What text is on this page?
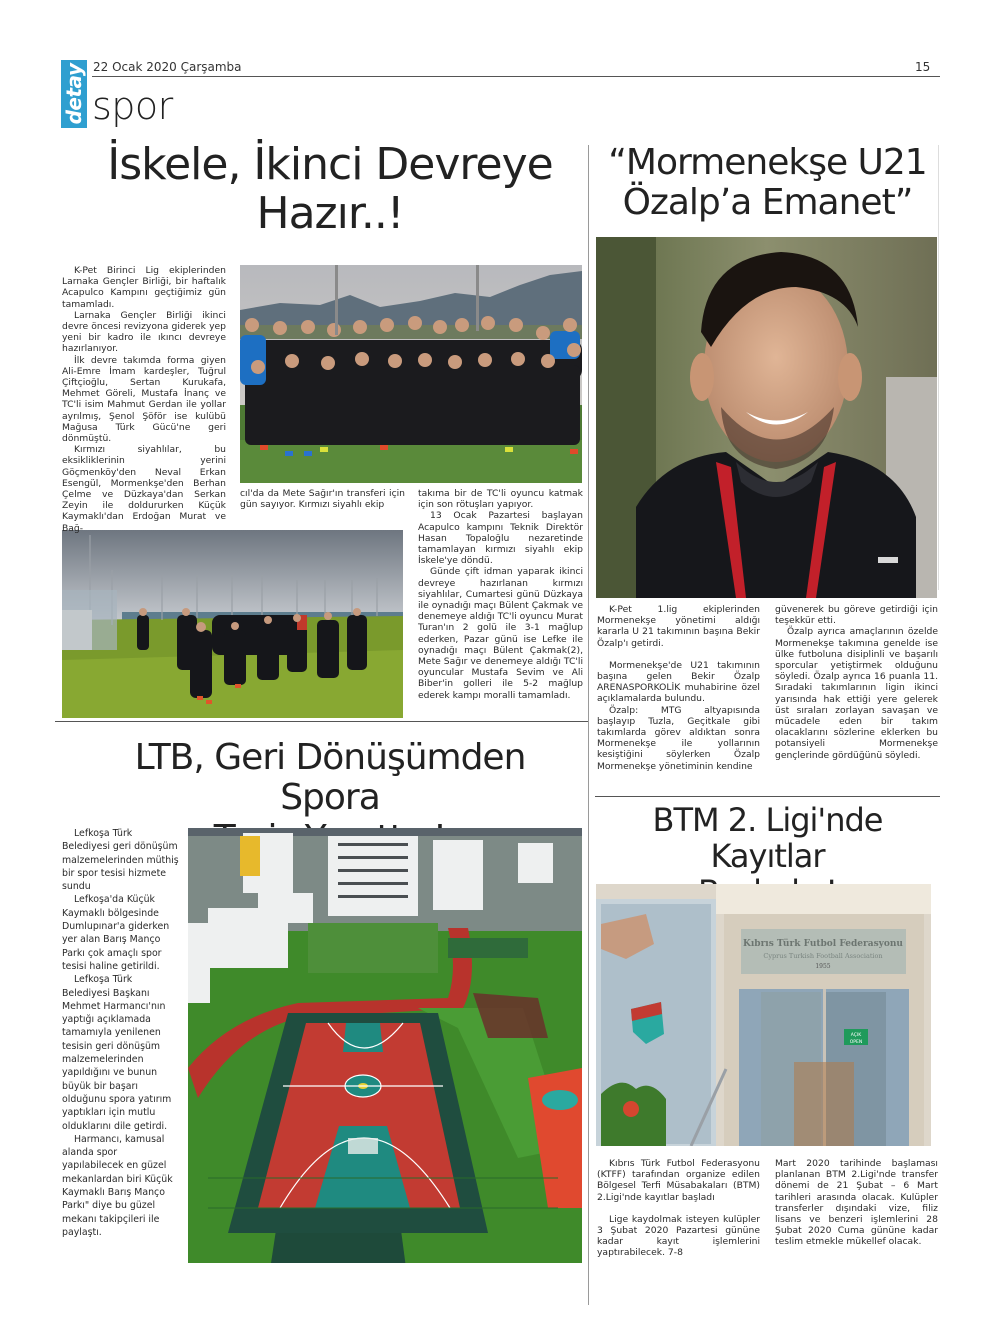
detay 22 Ocak 2020 Çarşamba	15
spor
İskele, İkinci Devreye
Hazır..!

K-Pet Birinci Lig ekiplerinden Larnaka Gençler Birliği, bir haftalık Acapulco Kampını geçtiğimiz gün tamamladı.

Larnaka Gençler Birliği ikinci devre öncesi revizyona giderek yep yeni bir kadro ile ıkıncı devreye hazırlanıyor.

İlk devre takımda forma giyen Ali-Emre İmam kardeşler, Tuğrul Çiftçioğlu, Sertan Kurukafa, Mehmet Göreli, Mustafa İnanç ve TC'li isim Mahmut Gerdan ile yollar ayrılmış, Şenol Şöför ise kulübü Mağusa Türk Gücü'ne geri dönmüştü.

Kırmızı siyahlılar, bu eksikliklerinin yerini Göçmenköy'den Neval Erkan Esengül, Mormenkşe'den Berhan Çelme ve Düzkaya'dan Serkan Zeyin ile doldururken Küçük Kaymaklı'dan Erdoğan Murat ve Bağ-

cıl'da da Mete Sağır'ın transferi için gün sayıyor. Kırmızı siyahlı ekip

takıma bir de TC'li oyuncu katmak için son rötuşları yapıyor.

13 Ocak Pazartesi başlayan Acapulco kampını Teknik Direktör Hasan Topaloğlu nezaretinde tamamlayan kırmızı siyahlı ekip İskele'ye döndü.

Günde çift idman yaparak ikinci devreye hazırlanan kırmızı siyahlılar, Cumartesi günü Düzkaya ile oynadığı maçı Bülent Çakmak ve denemeye aldığı TC'li oyuncu Murat Turan'ın 2 golü ile 3-1 mağlup ederken, Pazar günü ise Lefke ile oynadığı maçı Bülent Çakmak(2), Mete Sağır ve denemeye aldığı TC'li oyuncular Mustafa Sevim ve Ali Biber'in golleri ile 5-2 mağlup ederek kampı moralli tamamladı.

“Mormenekşe U21
Özalp’a Emanet”

K-Pet 1.lig ekiplerinden Mormenekşe yönetimi aldığı kararla U 21 takımının başına Bekir Özalp'ı getirdi.

Mormenekşe'de U21 takımının başına gelen Bekir Özalp ARENASPORKOLİK muhabirine özel açıklamalarda bulundu.

Özalp: MTG altyapısında başlayıp Tuzla, Geçitkale gibi takımlarda görev aldıktan sonra Mormenekşe ile yollarının kesiştiğini söylerken Özalp Mormenekşe yönetiminin kendine

güvenerek bu göreve getirdiği için teşekkür etti.

Özalp ayrıca amaçlarının özelde Mormenekşe takımına genelde ise ülke futboluna disiplinli ve başarılı sporcular yetiştirmek olduğunu söyledi. Özalp ayrıca 16 puanla 11. Sıradaki takımlarının ligin ikinci yarısında hak ettiği yere gelerek üst sıraları zorlayan savaşan ve mücadele eden bir takım olacaklarını sözlerine eklerken bu potansiyeli Mormenekşe gençlerinde gördüğünü söyledi.

LTB, Geri Dönüşümden Spora

Lefkoşa Türk Belediyesi geri dönüşüm malzemelerinden müthiş bir spor tesisi hizmete sundu

Lefkoşa'da Küçük Kaymaklı bölgesinde Dumlupınar'a giderken yer alan Barış Manço Parkı çok amaçlı spor tesisi haline getirildi.

Lefkoşa Türk Belediyesi Başkanı Mehmet Harmancı'nın yaptığı açıklamada tamamıyla yenilenen tesisin geri dönüşüm malzemelerinden yapıldığını ve bunun büyük bir başarı olduğunu spora yatırım yaptıkları için mutlu olduklarını dile getirdi.

Harmancı, kamusal alanda spor yapılabilecek en güzel mekanlardan biri Küçük Kaymaklı Barış Manço Parkı" diye bu güzel mekanı takipçileri ile paylaştı.

BTM 2. Ligi'nde Kayıtlar
Kıbrıs Türk Futbol Federasyonu
Cyprus Turkish Football Association
1955
AÇIK
OPEN

Kıbrıs Türk Futbol Federasyonu (KTFF) tarafından organize edilen Bölgesel Terfi Müsabakaları (BTM) 2.Ligi'nde kayıtlar başladı

Lige kaydolmak isteyen kulüpler 3 Şubat 2020 Pazartesi gününe kadar kayıt işlemlerini yaptırabilecek. 7-8

Mart 2020 tarihinde başlaması planlanan BTM 2.Ligi'nde transfer dönemi de 21 Şubat – 6 Mart tarihleri arasında olacak. Kulüpler transferler dışındaki vize, filiz lisans ve benzeri işlemlerini 28 Şubat 2020 Cuma gününe kadar teslim etmekle mükellef olacak.
